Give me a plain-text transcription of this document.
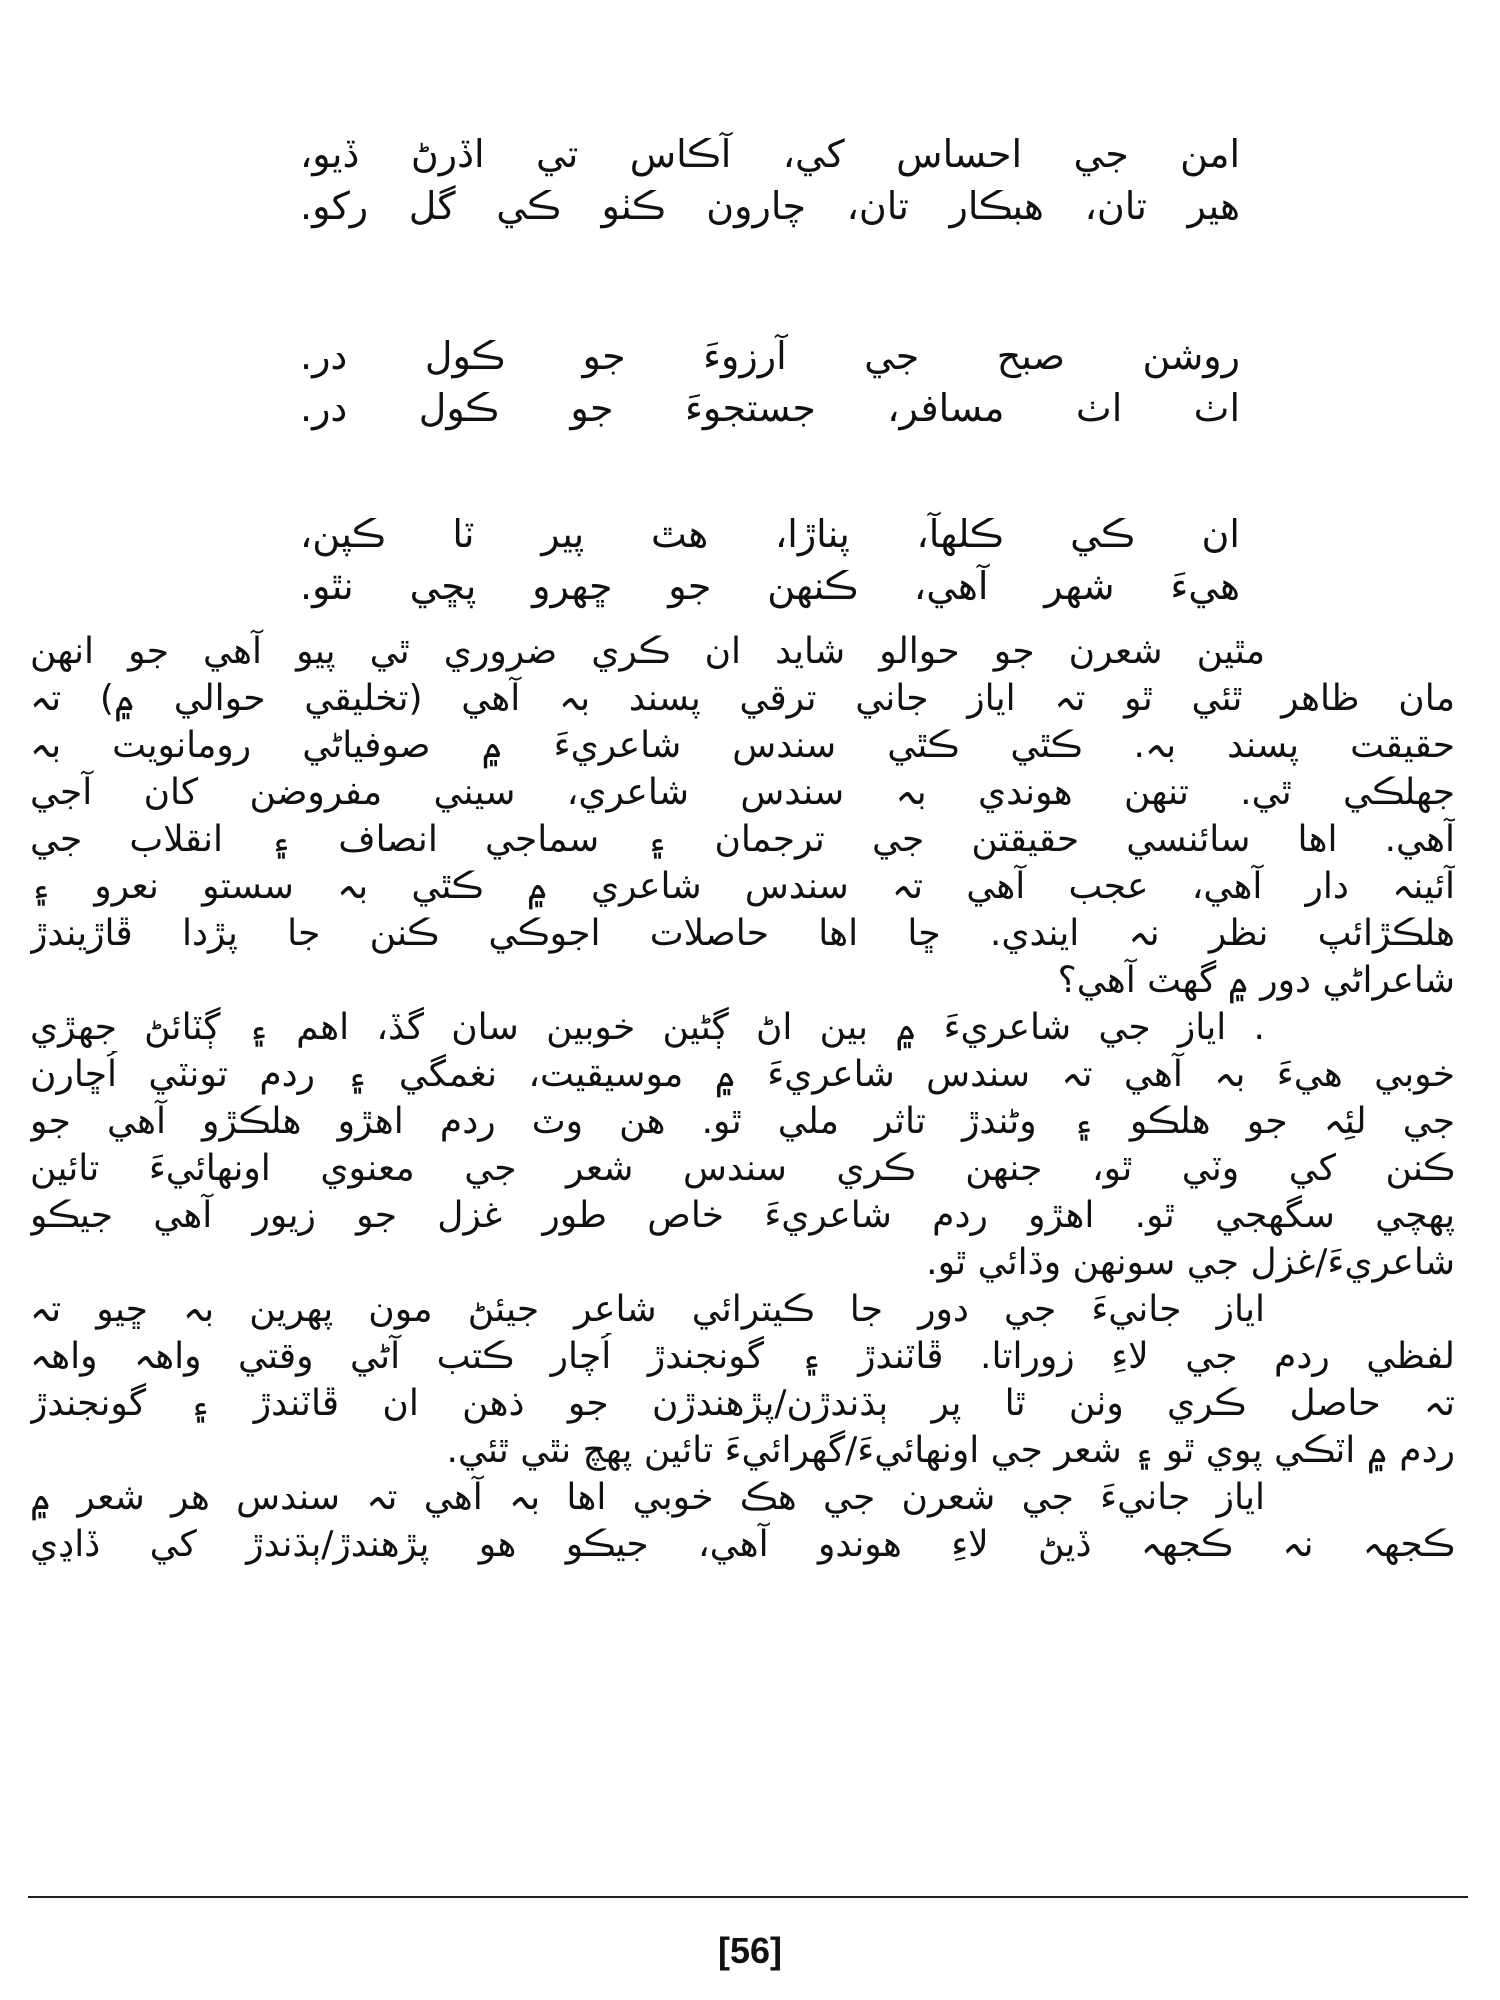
امن جي احساس کي، آڪاس تي اڏرڻ ڏيو،
هير تان، هبڪار تان، چارون ڪٺو ڪي گل رکو.
روشن صبح جي آرزوءَ جو ڪول در.
اٺ اٺ مسافر، جستجوءَ جو ڪول در.
ان ڪي ڪلهآ، پناڙا، هٿ پير ٽا ڪپن،
هيءَ شهر آهي، ڪنهن جو ڇهرو پڇي نٿو.
مٿين شعرن جو حوالو شايد ان ڪري ضروري ٿي پيو آهي جو انهن
مان ظاهر ٿئي ٿو تہ اياز جاني ترقي پسند بہ آهي (تخليقي حوالي ۾) تہ
حقيقت پسند بہ. ڪٿي ڪٿي سندس شاعريءَ ۾ صوفياڻي رومانويت بہ
جهلڪي ٿي. تنهن هوندي بہ سندس شاعري، سيني مفروضن کان آجي
آهي. اها سائنسي حقيقتن جي ترجمان ۽ سماجي انصاف ۽ انقلاب جي
آئينہ دار آهي، عجب آهي تہ سندس شاعري ۾ ڪٿي بہ سستو نعرو ۽
هلڪڙائپ نظر نہ ايندي. ڇا اها حاصلات اجوڪي ڪنن جا پڙدا ڦاڙيندڙ
شاعراڻي دور ۾ گهٽ آهي؟
. اياز جي شاعريءَ ۾ بين اڻ ڳڻين خوبين سان گڏ، اهم ۽ ڳٽائڻ جهڙي
خوبي هيءَ بہ آهي تہ سندس شاعريءَ ۾ موسيقيت، نغمگي ۽ ردم تونٽي اُڇارن
جي لئِہ جو هلڪو ۽ وڻندڙ تاثر ملي ٿو. هن وٽ ردم اهڙو هلڪڙو آهي جو
ڪنن کي وٽي ٿو، جنهن ڪري سندس شعر جي معنوي اونهائيءَ تائين
پهچي سگهجي ٿو. اهڙو ردم شاعريءَ خاص طور غزل جو زيور آهي جيڪو
شاعريءَ/غزل جي سونهن وڌائي ٿو.
اياز جانيءَ جي دور جا ڪيترائي شاعر جيئڻ مون پهرين بہ ڇيو تہ
لفظي ردم جي لاءِ زوراتا. ڦاٽندڙ ۽ گونجندڙ اُچار ڪتب آڻي وقتي واهہ واهہ
تہ حاصل ڪري وٺن ٿا پر ٻڌندڙن/پڙهندڙن جو ذهن ان ڦاٽندڙ ۽ گونجندڙ
ردم ۾ اٽڪي پوي ٿو ۽ شعر جي اونهائيءَ/گهرائيءَ تائين پهچ نٿي ٿئي.
اياز جانيءَ جي شعرن جي هڪ خوبي اها بہ آهي تہ سندس هر شعر ۾
ڪجهہ نہ ڪجهہ ڏيڻ لاءِ هوندو آهي، جيڪو هو پڙهندڙ/ٻڌندڙ کي ڏاڍي
[56]
